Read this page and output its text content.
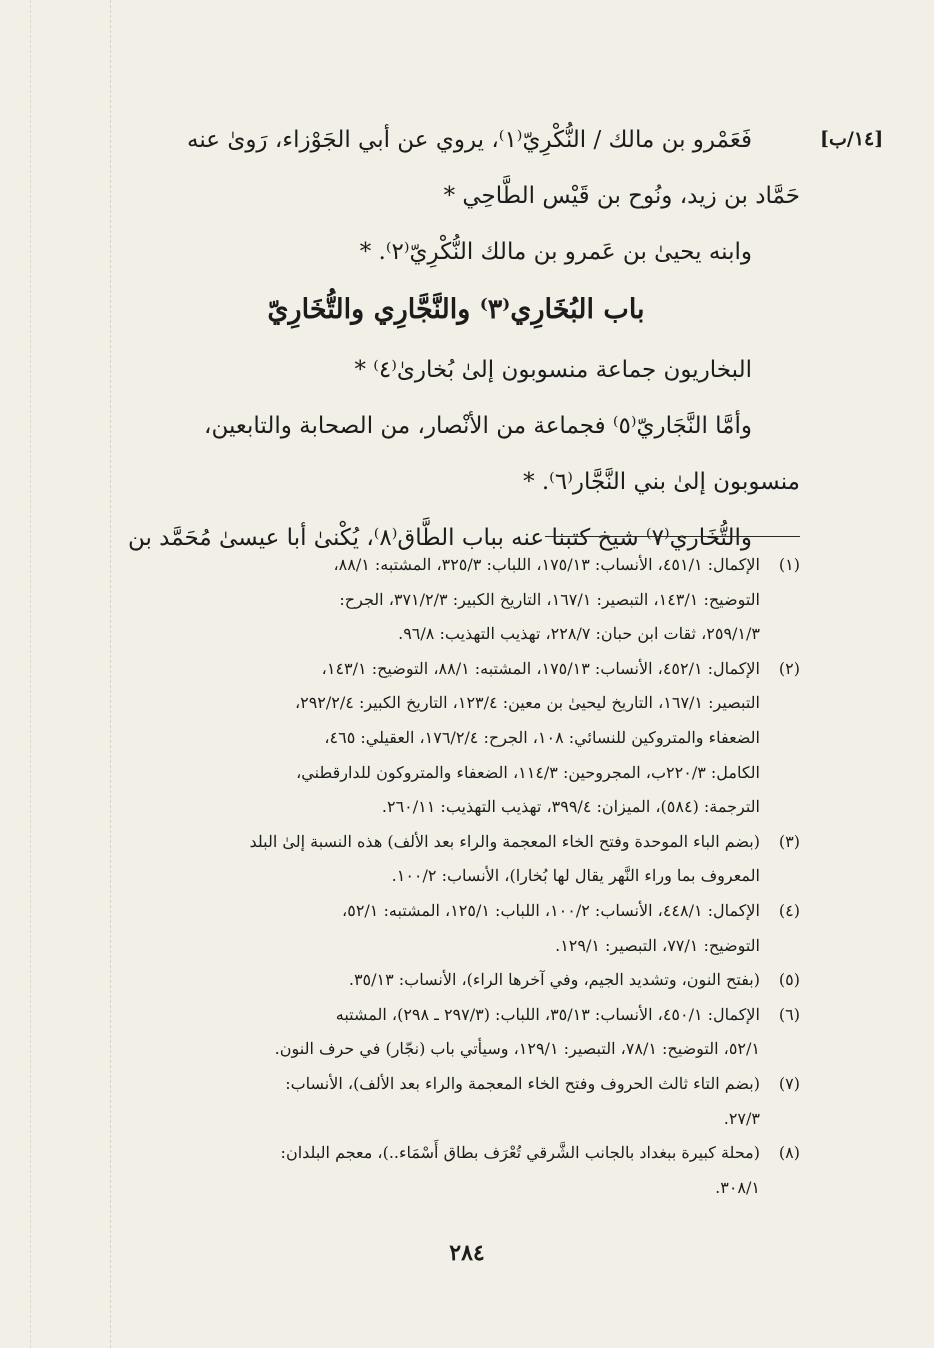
[١٤/ب]
فَعَمْرو بن مالك / النُّكْرِيّ⁽١⁾، يروي عن أبي الجَوْزاء، رَوىٰ عنه
حَمَّاد بن زيد، ونُوح بن قَيْس الطَّاحِي *
وابنه يحيىٰ بن عَمرو بن مالك النُّكْرِيّ⁽٢⁾. *
باب البُخَارِي⁽٣⁾ والنَّجَّارِي والتُّخَارِيّ
البخاريون جماعة منسوبون إلىٰ بُخارىٰ⁽٤⁾ *
وأمَّا النَّجَاريّ⁽٥⁾ فجماعة من الأنْصار، من الصحابة والتابعين،
منسوبون إلىٰ بني النَّجَّار⁽٦⁾. *
والتُّخَاري⁽٧⁾ شيخ كتبنا عنه بباب الطَّاق⁽٨⁾، يُكْنىٰ أبا عيسىٰ مُحَمَّد بن
(١)
الإكمال: ٤٥١/١، الأنساب: ١٧٥/١٣، اللباب: ٣٢٥/٣، المشتبه: ٨٨/١،
التوضيح: ١٤٣/١، التبصير: ١٦٧/١، التاريخ الكبير: ٣٧١/٢/٣، الجرح:
٢٥٩/١/٣، ثقات ابن حبان: ٢٢٨/٧، تهذيب التهذيب: ٩٦/٨.
(٢)
الإكمال: ٤٥٢/١، الأنساب: ١٧٥/١٣، المشتبه: ٨٨/١، التوضيح: ١٤٣/١،
التبصير: ١٦٧/١، التاريخ ليحيىٰ بن معين: ١٢٣/٤، التاريخ الكبير: ٢٩٢/٢/٤،
الضعفاء والمتروكين للنسائي: ١٠٨، الجرح: ١٧٦/٢/٤، العقيلي: ٤٦٥،
الكامل: ٢٢٠/٣ب، المجروحين: ١١٤/٣، الضعفاء والمتروكون للدارقطني،
الترجمة: (٥٨٤)، الميزان: ٣٩٩/٤، تهذيب التهذيب: ٢٦٠/١١.
(٣)
(بضم الباء الموحدة وفتح الخاء المعجمة والراء بعد الألف) هذه النسبة إلىٰ البلد
المعروف بما وراء النَّهر يقال لها بُخارا)، الأنساب: ١٠٠/٢.
(٤)
الإكمال: ٤٤٨/١، الأنساب: ١٠٠/٢، اللباب: ١٢٥/١، المشتبه: ٥٢/١،
التوضيح: ٧٧/١، التبصير: ١٢٩/١.
(٥)
(بفتح النون، وتشديد الجيم، وفي آخرها الراء)، الأنساب: ٣٥/١٣.
(٦)
الإكمال: ٤٥٠/١، الأنساب: ٣٥/١٣، اللباب: (٢٩٧/٣ ـ ٢٩٨)، المشتبه
٥٢/١، التوضيح: ٧٨/١، التبصير: ١٢٩/١، وسيأتي باب (نجّار) في حرف النون.
(٧)
(بضم التاء ثالث الحروف وفتح الخاء المعجمة والراء بعد الألف)، الأنساب:
٢٧/٣.
(٨)
(محلة كبيرة ببغداد بالجانب الشَّرقي تُعْرَف بطاق أَسْمَاء..)، معجم البلدان:
٣٠٨/١.
٢٨٤
